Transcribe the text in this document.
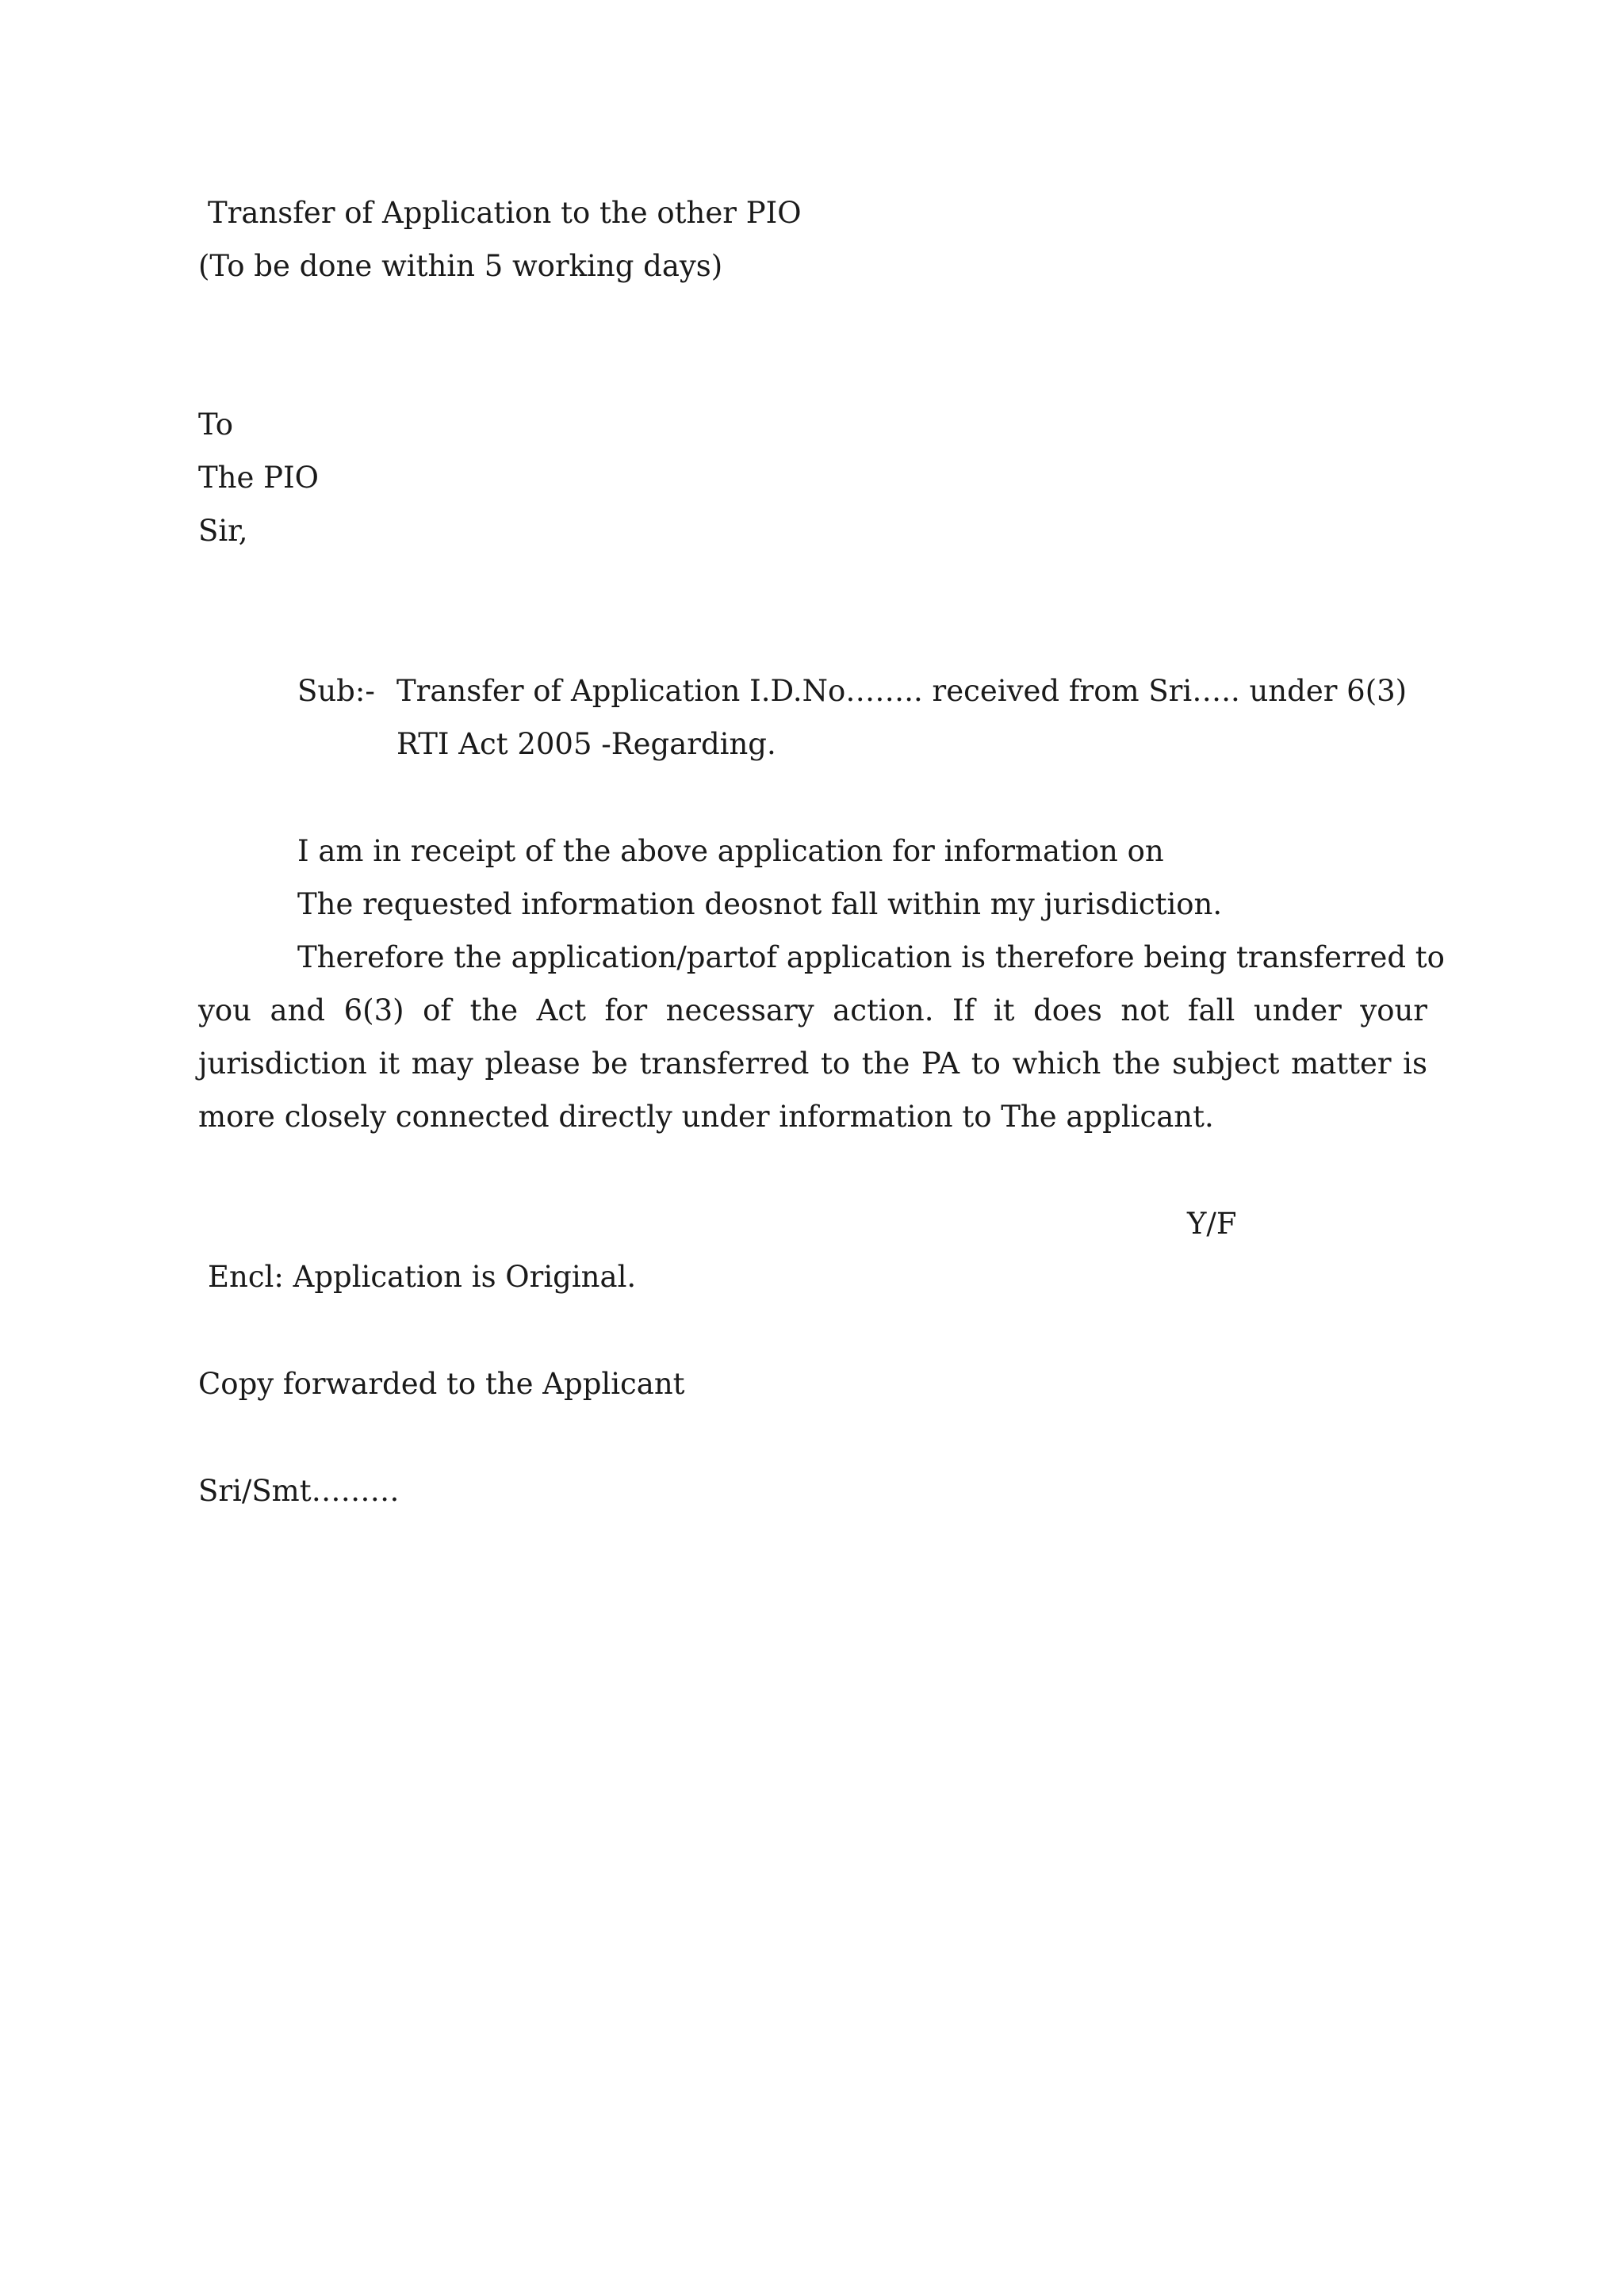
Transfer of Application to the other PIO
(To be done within 5 working days)
To
The PIO
Sir,
Sub:- Transfer of Application I.D.No…….. received from Sri….. under 6(3)
RTI Act 2005 -Regarding.
I am in receipt of the above application for information on
The requested information deosnot fall within my jurisdiction.
Therefore the application/partof application is therefore being transferred to
you and 6(3) of the Act for necessary action. If it does not fall under your jurisdiction it may please be transferred to the PA to which the subject matter is more closely connected directly under information to The applicant.
Y/F
Encl: Application is Original.
Copy forwarded to the Applicant
Sri/Smt………
